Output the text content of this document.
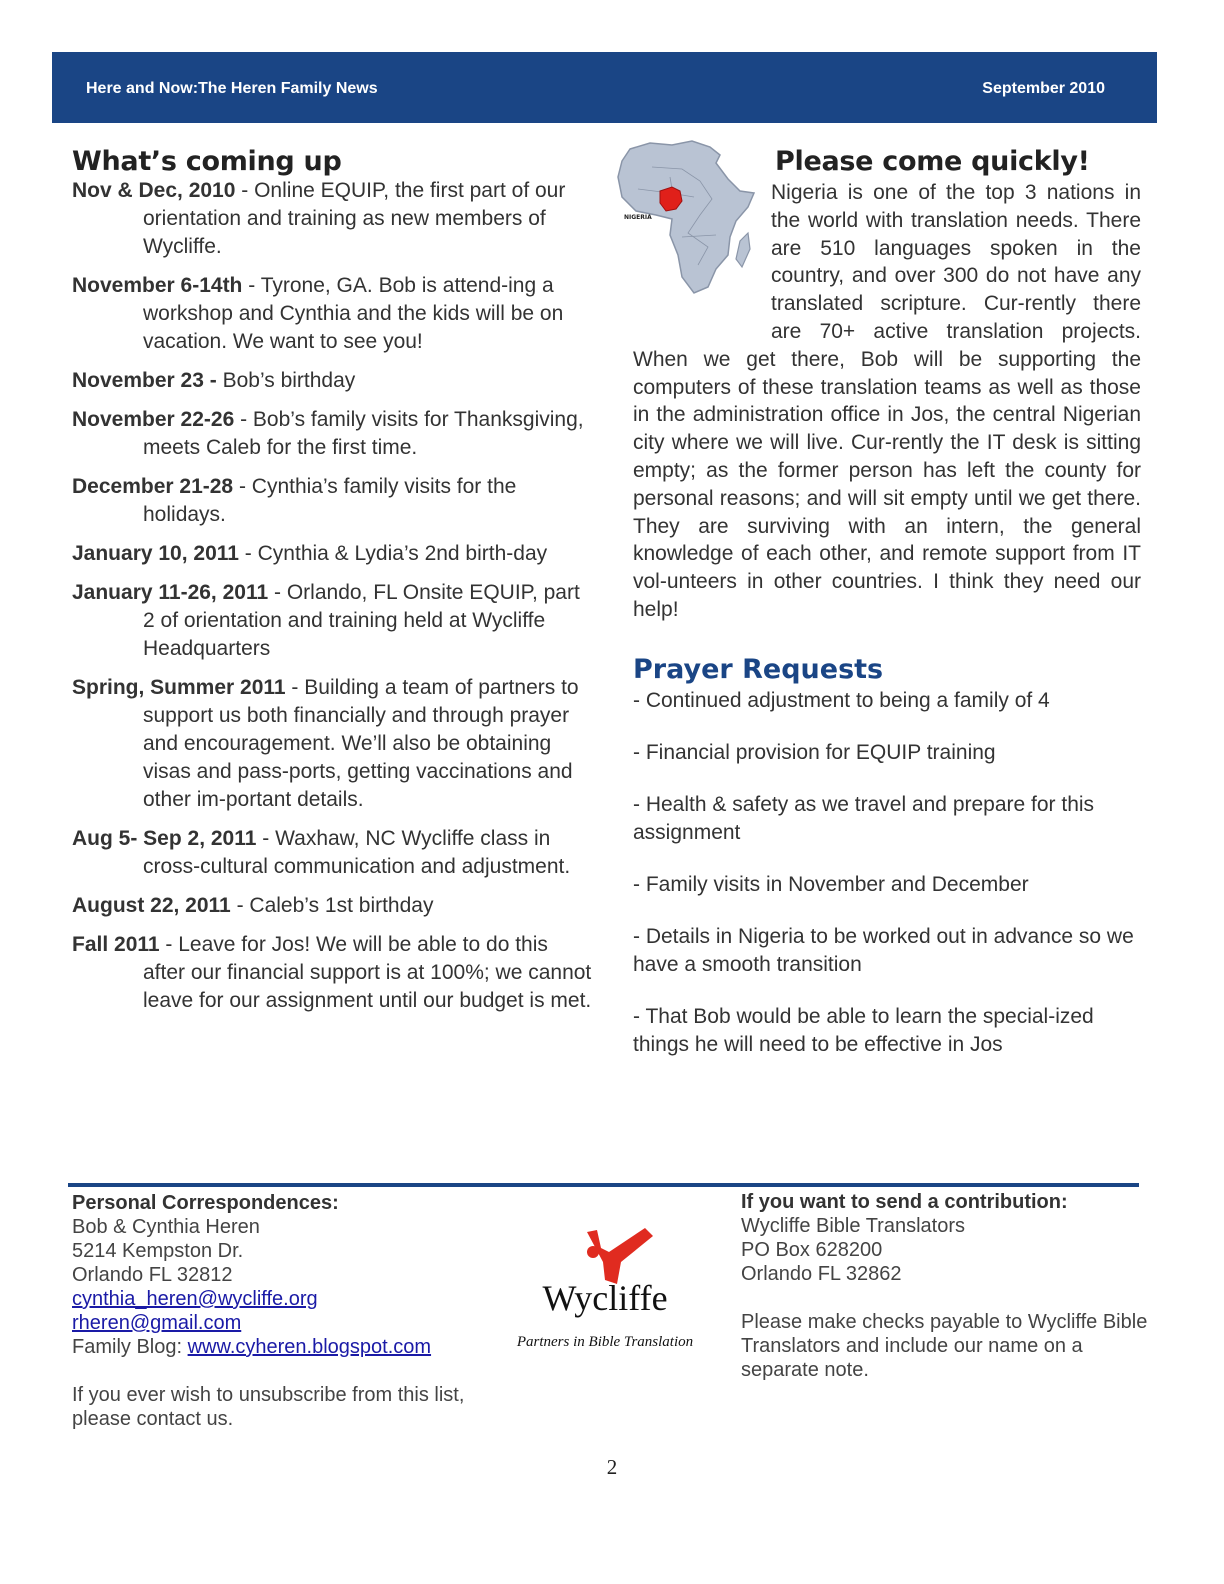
Here and Now:The Heren Family News	September 2010
What’s coming up

Nov & Dec, 2010 - Online EQUIP, the first part of our orientation and training as new members of Wycliffe.

November 6-14th - Tyrone, GA. Bob is attend-ing a workshop and Cynthia and the kids will be on vacation. We want to see you!

November 23 - Bob’s birthday

November 22-26 - Bob’s family visits for Thanksgiving, meets Caleb for the first time.

December 21-28 - Cynthia’s family visits for the holidays.

January 10, 2011 - Cynthia & Lydia’s 2nd birth-day

January 11-26, 2011 - Orlando, FL Onsite EQUIP, part 2 of orientation and training held at Wycliffe Headquarters

Spring, Summer 2011 - Building a team of partners to support us both financially and through prayer and encouragement. We’ll also be obtaining visas and pass-ports, getting vaccinations and other im-portant details.

Aug 5- Sep 2, 2011 - Waxhaw, NC Wycliffe class in cross-cultural communication and adjustment.

August 22, 2011 - Caleb’s 1st birthday

Fall 2011 - Leave for Jos! We will be able to do this after our financial support is at 100%; we cannot leave for our assignment until our budget is met.

NIGERIA
Please come quickly!

Nigeria is one of the top 3 nations in the world with translation needs. There are 510 languages spoken in the country, and over 300 do not have any translated scripture. Cur-rently there are 70+ active translation projects. When we get there, Bob will be supporting the computers of these translation teams as well as those in the administration office in Jos, the central Nigerian city where we will live. Cur-rently the IT desk is sitting empty; as the former person has left the county for personal reasons; and will sit empty until we get there. They are surviving with an intern, the general knowledge of each other, and remote support from IT vol-unteers in other countries. I think they need our help!

Prayer Requests

- Continued adjustment to being a family of 4

- Financial provision for EQUIP training

- Health & safety as we travel and prepare for this assignment

- Family visits in November and December

- Details in Nigeria to be worked out in advance so we have a smooth transition

- That Bob would be able to learn the special-ized things he will need to be effective in Jos

Personal Correspondences:
Bob & Cynthia Heren
5214 Kempston Dr.
Orlando FL 32812
cynthia_heren@wycliffe.org
rheren@gmail.com
Family Blog: www.cyheren.blogspot.com
If you ever wish to unsubscribe from this list, please contact us.
Wycliffe
Partners in Bible Translation
If you want to send a contribution:
Wycliffe Bible Translators
PO Box 628200
Orlando FL 32862
Please make checks payable to Wycliffe Bible Translators and include our name on a separate note.
2
